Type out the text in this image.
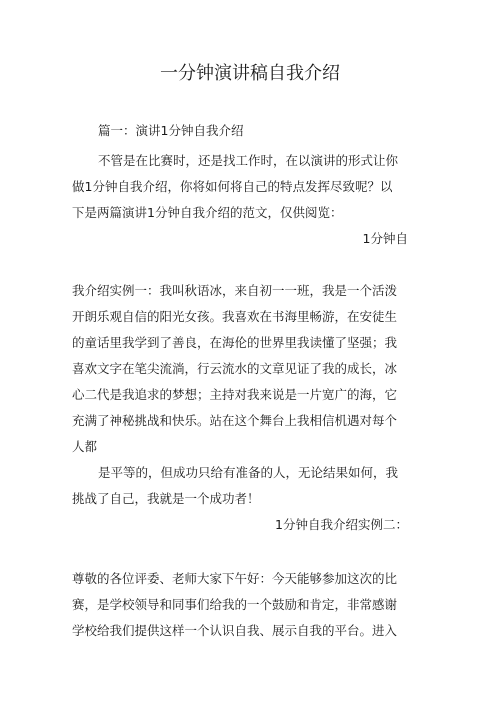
一分钟演讲稿自我介绍
篇一：演讲1分钟自我介绍
不管是在比赛时，还是找工作时，在以演讲的形式让你
做1分钟自我介绍，你将如何将自己的特点发挥尽致呢？以
下是两篇演讲1分钟自我介绍的范文，仅供阅览：
1分钟自
我介绍实例一：我叫秋语冰，来自初一一班，我是一个活泼
开朗乐观自信的阳光女孩。我喜欢在书海里畅游，在安徒生
的童话里我学到了善良，在海伦的世界里我读懂了坚强；我
喜欢文字在笔尖流淌，行云流水的文章见证了我的成长，冰
心二代是我追求的梦想；主持对我来说是一片宽广的海，它
充满了神秘挑战和快乐。站在这个舞台上我相信机遇对每个
人都
是平等的，但成功只给有准备的人，无论结果如何，我
挑战了自己，我就是一个成功者！
1分钟自我介绍实例二：
尊敬的各位评委、老师大家下午好：今天能够参加这次的比
赛，是学校领导和同事们给我的一个鼓励和肯定，非常感谢
学校给我们提供这样一个认识自我、展示自我的平台。进入
